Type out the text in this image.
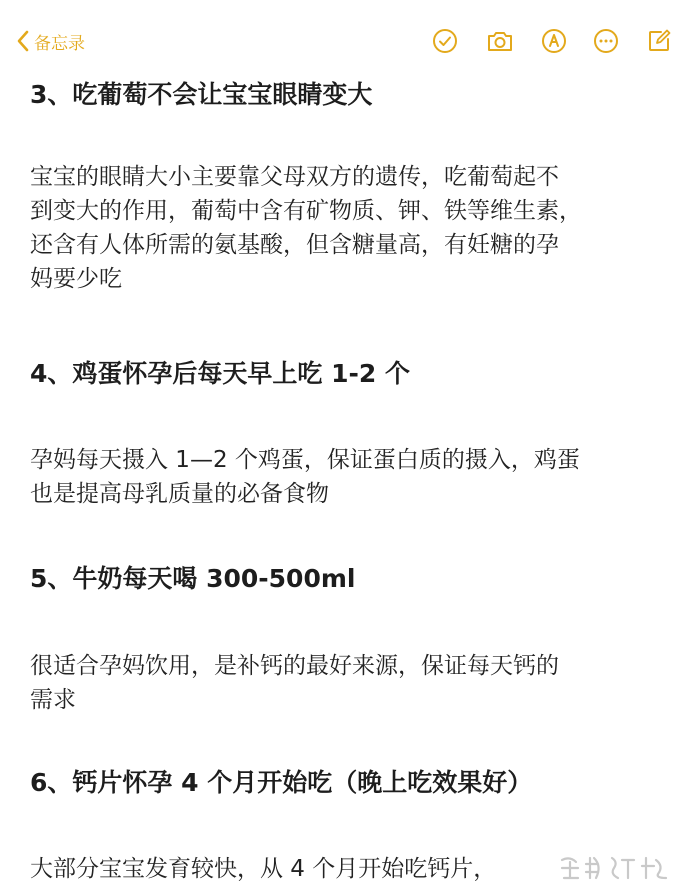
备忘录
3、吃葡萄不会让宝宝眼睛变大
宝宝的眼睛大小主要靠父母双方的遗传，吃葡萄起不
到变大的作用，葡萄中含有矿物质、钾、铁等维生素，
还含有人体所需的氨基酸，但含糖量高，有妊糖的孕
妈要少吃
4、鸡蛋怀孕后每天早上吃 1-2 个
孕妈每天摄入 1—2 个鸡蛋，保证蛋白质的摄入，鸡蛋
也是提高母乳质量的必备食物
5、牛奶每天喝 300-500ml
很适合孕妈饮用，是补钙的最好来源，保证每天钙的
需求
6、钙片怀孕 4 个月开始吃（晚上吃效果好）
大部分宝宝发育较快，从 4 个月开始吃钙片，
